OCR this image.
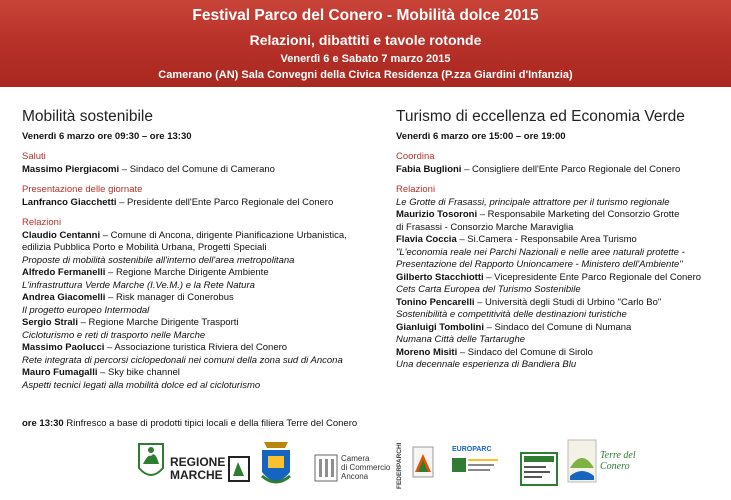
Festival Parco del Conero - Mobilità dolce 2015
Relazioni, dibattiti e tavole rotonde
Venerdì 6 e Sabato 7 marzo 2015
Camerano (AN) Sala Convegni della Civica Residenza (P.zza Giardini d'Infanzia)
Mobilità sostenibile
Venerdì 6 marzo ore 09:30 – ore 13:30
Saluti
Massimo Piergiacomi – Sindaco del Comune di Camerano
Presentazione delle giornate
Lanfranco Giacchetti – Presidente dell'Ente Parco Regionale del Conero
Relazioni
Claudio Centanni – Comune di Ancona, dirigente Pianificazione Urbanistica,
edilizia Pubblica Porto e Mobilità Urbana, Progetti Speciali
Proposte di mobilità sostenibile all'interno dell'area metropolitana
Alfredo Fermanelli – Regione Marche Dirigente Ambiente
L'infrastruttura Verde Marche (I.Ve.M.) e la Rete Natura
Andrea Giacomelli – Risk manager di Conerobus
Il progetto europeo Intermodal
Sergio Strali – Regione Marche Dirigente Trasporti
Cicloturismo e reti di trasporto nelle Marche
Massimo Paolucci – Associazione turistica Riviera del Conero
Rete integrata di percorsi ciclopedonali nei comuni della zona sud di Ancona
Mauro Fumagalli – Sky bike channel
Aspetti tecnici legati alla mobilità dolce ed al cicloturismo
Turismo di eccellenza ed Economia Verde
Venerdì 6 marzo ore 15:00 – ore 19:00
Coordina
Fabia Buglioni – Consigliere dell'Ente Parco Regionale del Conero
Relazioni
Le Grotte di Frasassi, principale attrattore per il turismo regionale
Maurizio Tosoroni – Responsabile Marketing del Consorzio Grotte
di Frasassi - Consorzio Marche Maraviglia
Flavia Coccia – Si.Camera - Responsabile Area Turismo
"L'economia reale nei Parchi Nazionali e nelle aree naturali protette -
Presentazione del Rapporto Unioncamere - Ministero dell'Ambiente"
Gilberto Stacchiotti – Vicepresidente Ente Parco Regionale del Conero
Cets Carta Europea del Turismo Sostenibile
Tonino Pencarelli – Università degli Studi di Urbino "Carlo Bo"
Sostenibilità e competitività delle destinazioni turistiche
Gianluigi Tombolini – Sindaco del Comune di Numana
Numana Città delle Tartarughe
Moreno Misiti – Sindaco del Comune di Sirolo
Una decennale esperienza di Bandiera Blu
ore 13:30 Rinfresco a base di prodotti tipici locali e della filiera Terre del Conero
REGIONE
MARCHE
Camera
di Commercio
Ancona	FEDERPARCHI	EUROPARC
Terre del
Conero
